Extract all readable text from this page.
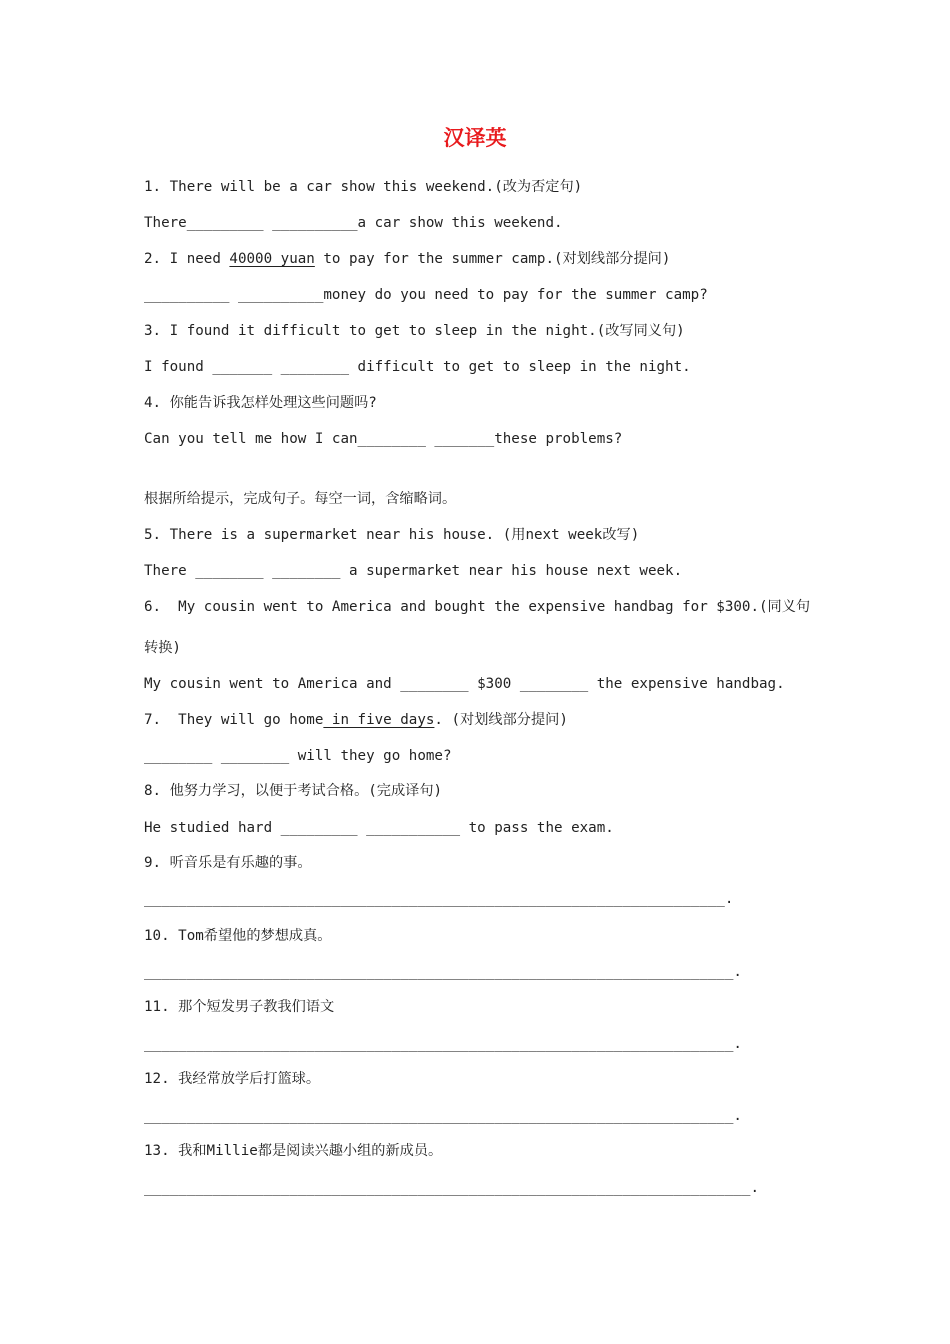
汉译英
1. There will be a car show this weekend.(改为否定句)
There_________ __________a car show this weekend.
2. I need 40000 yuan to pay for the summer camp.(对划线部分提问)
__________ __________money do you need to pay for the summer camp?
3. I found it difficult to get to sleep in the night.(改写同义句)
I found _______ ________ difficult to get to sleep in the night.
4. 你能告诉我怎样处理这些问题吗?
Can you tell me how I can________ _______these problems?
根据所给提示，完成句子。每空一词，含缩略词。
5. There is a supermarket near his house. (用next week改写)
There ________ ________ a supermarket near his house next week.
6.  My cousin went to America and bought the expensive handbag for $300.(同义句
转换)
My cousin went to America and ________ $300 ________ the expensive handbag.
7.  They will go home in five days. (对划线部分提问)
________ ________ will they go home?
8. 他努力学习，以便于考试合格。(完成译句)
He studied hard _________ ___________ to pass the exam.
9. 听音乐是有乐趣的事。
____________________________________________________________________.
10. Tom希望他的梦想成真。
_____________________________________________________________________.
11. 那个短发男子教我们语文
_____________________________________________________________________.
12. 我经常放学后打篮球。
_____________________________________________________________________.
13. 我和Millie都是阅读兴趣小组的新成员。
_______________________________________________________________________.
